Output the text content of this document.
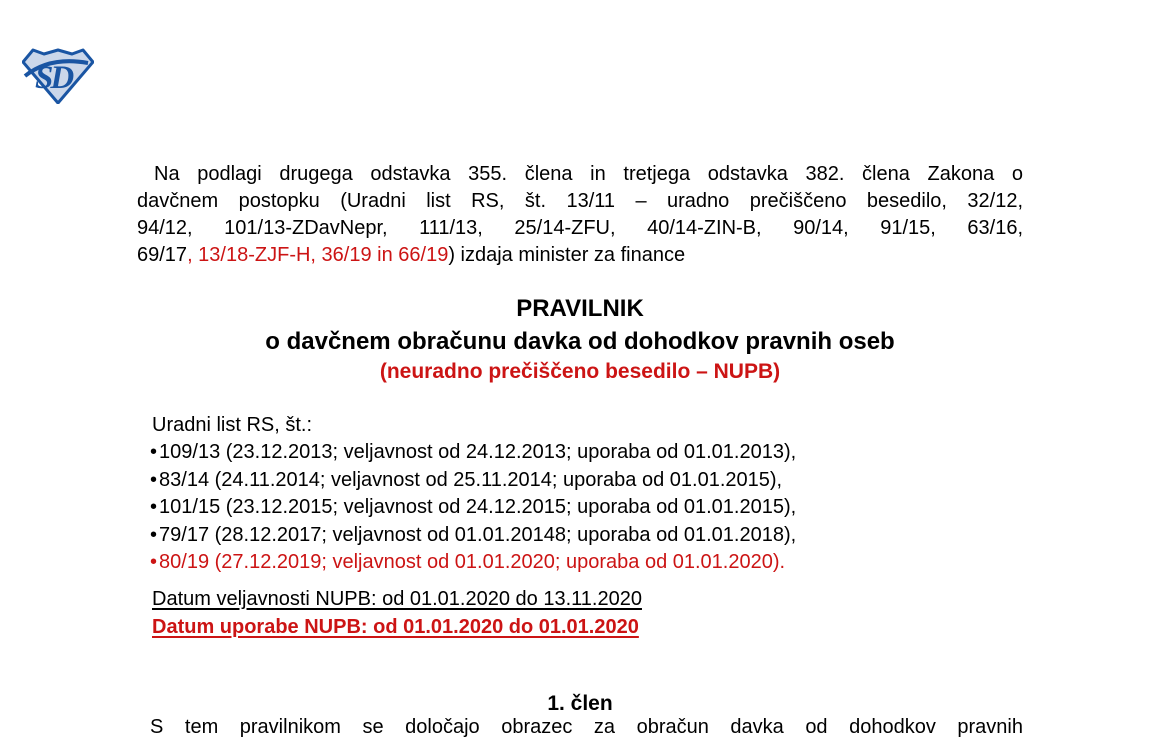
SD
Na podlagi drugega odstavka 355. člena in tretjega odstavka 382. člena Zakona o
davčnem postopku (Uradni list RS, št. 13/11 – uradno prečiščeno besedilo, 32/12,
94/12, 101/13-ZDavNepr, 111/13, 25/14-ZFU, 40/14-ZIN-B, 90/14, 91/15, 63/16,
69/17, 13/18-ZJF-H, 36/19 in 66/19) izdaja minister za finance
PRAVILNIK
o davčnem obračunu davka od dohodkov pravnih oseb
(neuradno prečiščeno besedilo – NUPB)
Uradni list RS, št.:
• 109/13 (23.12.2013; veljavnost od 24.12.2013; uporaba od 01.01.2013),
• 83/14 (24.11.2014; veljavnost od 25.11.2014; uporaba od 01.01.2015),
• 101/15 (23.12.2015; veljavnost od 24.12.2015; uporaba od 01.01.2015),
• 79/17 (28.12.2017; veljavnost od 01.01.20148; uporaba od 01.01.2018),
• 80/19 (27.12.2019; veljavnost od 01.01.2020; uporaba od 01.01.2020).
Datum veljavnosti NUPB: od 01.01.2020 do 13.11.2020
Datum uporabe NUPB: od 01.01.2020 do 01.01.2020
1. člen
S tem pravilnikom se določajo obrazec za obračun davka od dohodkov pravnih
